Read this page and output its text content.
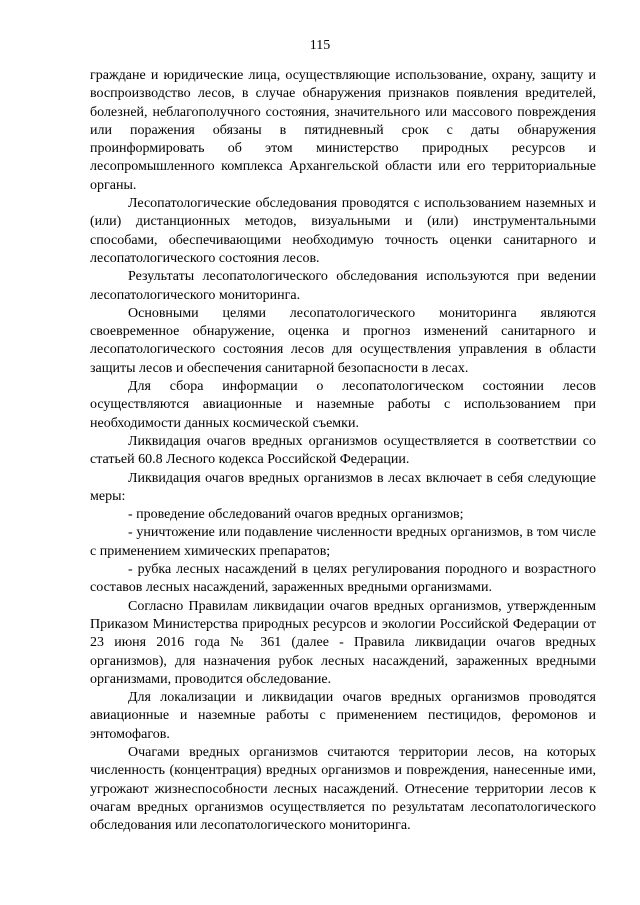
115

граждане и юридические лица, осуществляющие использование, охрану, защиту и воспроизводство лесов, в случае обнаружения признаков появления вредителей, болезней, неблагополучного состояния, значительного или массового повреждения или поражения обязаны в пятидневный срок с даты обнаружения проинформировать об этом министерство природных ресурсов и лесопромышленного комплекса Архангельской области или его территориальные органы.

Лесопатологические обследования проводятся с использованием наземных и (или) дистанционных методов, визуальными и (или) инструментальными способами, обеспечивающими необходимую точность оценки санитарного и лесопатологического состояния лесов.

Результаты лесопатологического обследования используются при ведении лесопатологического мониторинга.

Основными целями лесопатологического мониторинга являются своевременное обнаружение, оценка и прогноз изменений санитарного и лесопатологического состояния лесов для осуществления управления в области защиты лесов и обеспечения санитарной безопасности в лесах.

Для сбора информации о лесопатологическом состоянии лесов осуществляются авиационные и наземные работы с использованием при необходимости данных космической съемки.

Ликвидация очагов вредных организмов осуществляется в соответствии со статьей 60.8 Лесного кодекса Российской Федерации.

Ликвидация очагов вредных организмов в лесах включает в себя следующие меры:

- проведение обследований очагов вредных организмов;

- уничтожение или подавление численности вредных организмов, в том числе с применением химических препаратов;

- рубка лесных насаждений в целях регулирования породного и возрастного составов лесных насаждений, зараженных вредными организмами.

Согласно Правилам ликвидации очагов вредных организмов, утвержденным Приказом Министерства природных ресурсов и экологии Российской Федерации от 23 июня 2016 года № 361 (далее - Правила ликвидации очагов вредных организмов), для назначения рубок лесных насаждений, зараженных вредными организмами, проводится обследование.

Для локализации и ликвидации очагов вредных организмов проводятся авиационные и наземные работы с применением пестицидов, феромонов и энтомофагов.

Очагами вредных организмов считаются территории лесов, на которых численность (концентрация) вредных организмов и повреждения, нанесенные ими, угрожают жизнеспособности лесных насаждений. Отнесение территории лесов к очагам вредных организмов осуществляется по результатам лесопатологического обследования или лесопатологического мониторинга.
